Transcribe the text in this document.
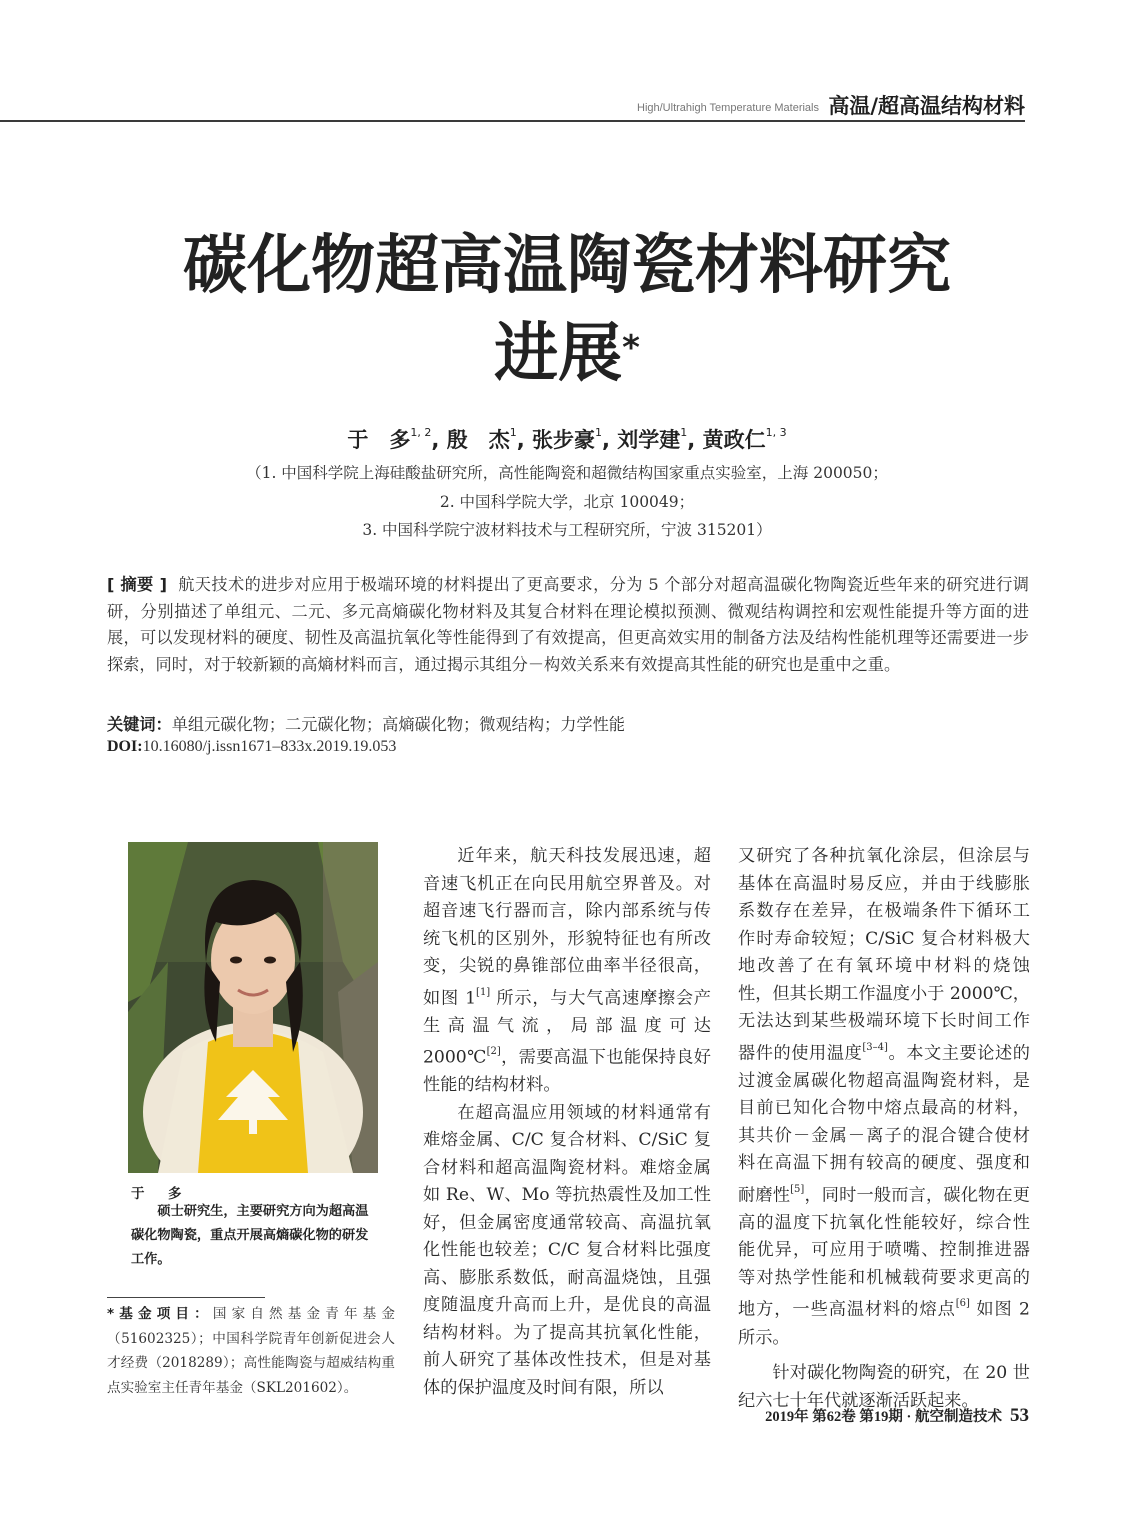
High/Ultrahigh Temperature Materials 高温/超高温结构材料
碳化物超高温陶瓷材料研究
进展*
于　多$^{1, 2}$, 殷　杰$^1$, 张步豪$^1$, 刘学建$^1$, 黄政仁$^{1, 3}$
（1. 中国科学院上海硅酸盐研究所，高性能陶瓷和超微结构国家重点实验室，上海 200050；
2. 中国科学院大学，北京 100049；
3. 中国科学院宁波材料技术与工程研究所，宁波 315201）
[ 摘要 ] 航天技术的进步对应用于极端环境的材料提出了更高要求，分为 5 个部分对超高温碳化物陶瓷近些年来的研究进行调研，分别描述了单组元、二元、多元高熵碳化物材料及其复合材料在理论模拟预测、微观结构调控和宏观性能提升等方面的进展，可以发现材料的硬度、韧性及高温抗氧化等性能得到了有效提高，但更高效实用的制备方法及结构性能机理等还需要进一步探索，同时，对于较新颖的高熵材料而言，通过揭示其组分－构效关系来有效提高其性能的研究也是重中之重。
关键词：单组元碳化物；二元碳化物；高熵碳化物；微观结构；力学性能
DOI:10.16080/j.issn1671–833x.2019.19.053
于　多
硕士研究生，主要研究方向为超高温碳化物陶瓷，重点开展高熵碳化物的研发工作。
*基金项目：国家自然基金青年基金（51602325）；中国科学院青年创新促进会人才经费（2018289）；高性能陶瓷与超威结构重点实验室主任青年基金（SKL201602）。

近年来，航天科技发展迅速，超音速飞机正在向民用航空界普及。对超音速飞行器而言，除内部系统与传统飞机的区别外，形貌特征也有所改变，尖锐的鼻锥部位曲率半径很高，如图 1[1] 所示，与大气高速摩擦会产生高温气流，局部温度可达 2000℃[2]，需要高温下也能保持良好性能的结构材料。

在超高温应用领域的材料通常有难熔金属、C/C 复合材料、C/SiC 复合材料和超高温陶瓷材料。难熔金属如 Re、W、Mo 等抗热震性及加工性好，但金属密度通常较高、高温抗氧化性能也较差；C/C 复合材料比强度高、膨胀系数低，耐高温烧蚀，且强度随温度升高而上升，是优良的高温结构材料。为了提高其抗氧化性能，前人研究了基体改性技术，但是对基体的保护温度及时间有限，所以

又研究了各种抗氧化涂层，但涂层与基体在高温时易反应，并由于线膨胀系数存在差异，在极端条件下循环工作时寿命较短；C/SiC 复合材料极大地改善了在有氧环境中材料的烧蚀性，但其长期工作温度小于 2000℃，无法达到某些极端环境下长时间工作器件的使用温度[3–4]。本文主要论述的过渡金属碳化物超高温陶瓷材料，是目前已知化合物中熔点最高的材料，其共价－金属－离子的混合键合使材料在高温下拥有较高的硬度、强度和耐磨性[5]，同时一般而言，碳化物在更高的温度下抗氧化性能较好，综合性能优异，可应用于喷嘴、控制推进器等对热学性能和机械载荷要求更高的地方，一些高温材料的熔点[6] 如图 2 所示。

针对碳化物陶瓷的研究，在 20 世纪六七十年代就逐渐活跃起来。

2019年 第62卷 第19期 · 航空制造技术 53
